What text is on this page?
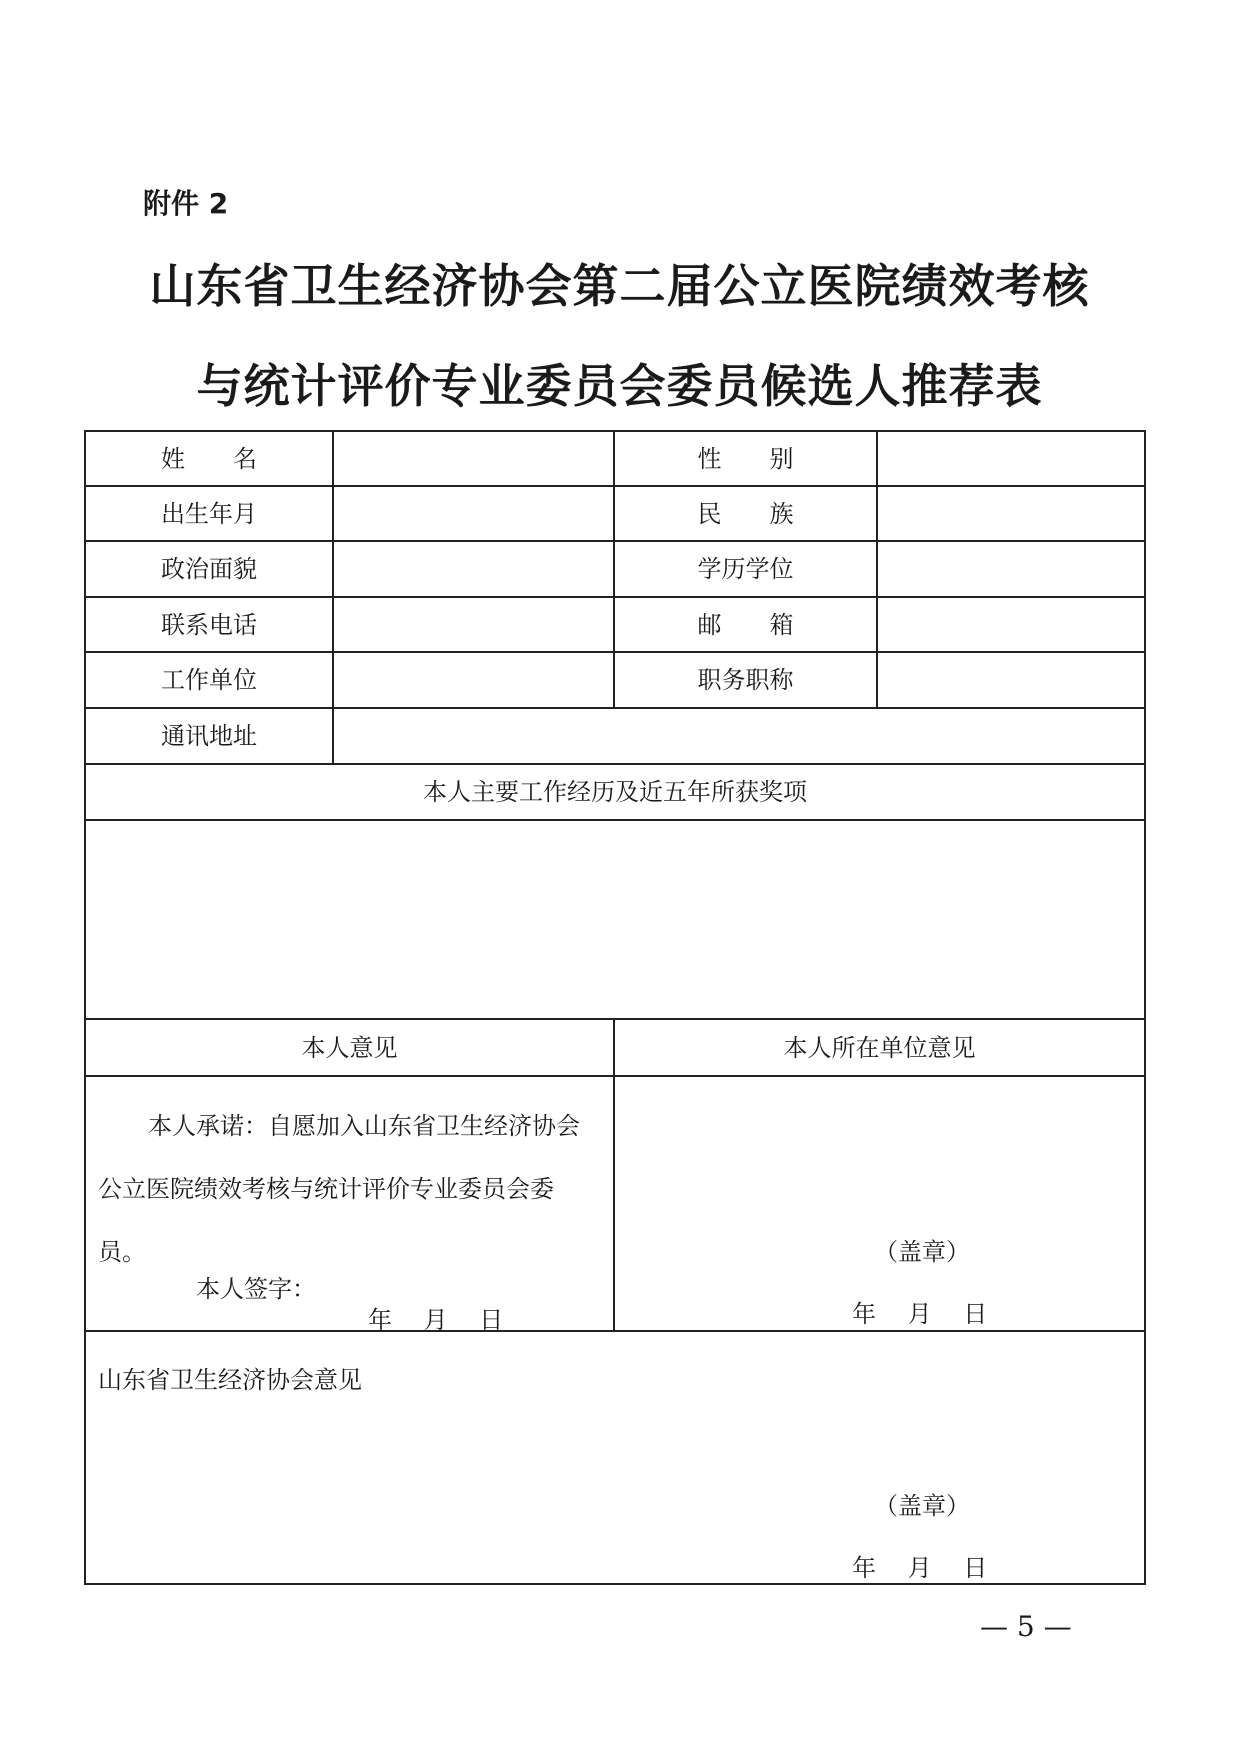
附件 2
山东省卫生经济协会第二届公立医院绩效考核
与统计评价专业委员会委员候选人推荐表
姓　　名	性　　别
出生年月	民　　族
政治面貌	学历学位
联系电话	邮　　箱
工作单位	职务职称
通讯地址
本人主要工作经历及近五年所获奖项
本人意见	本人所在单位意见
本人承诺：自愿加入山东省卫生经济协会
公立医院绩效考核与统计评价专业委员会委
员。
本人签字：
年　 月　 日
（盖章）
年　 月　 日
山东省卫生经济协会意见
（盖章）
年　 月　 日
— 5 —
